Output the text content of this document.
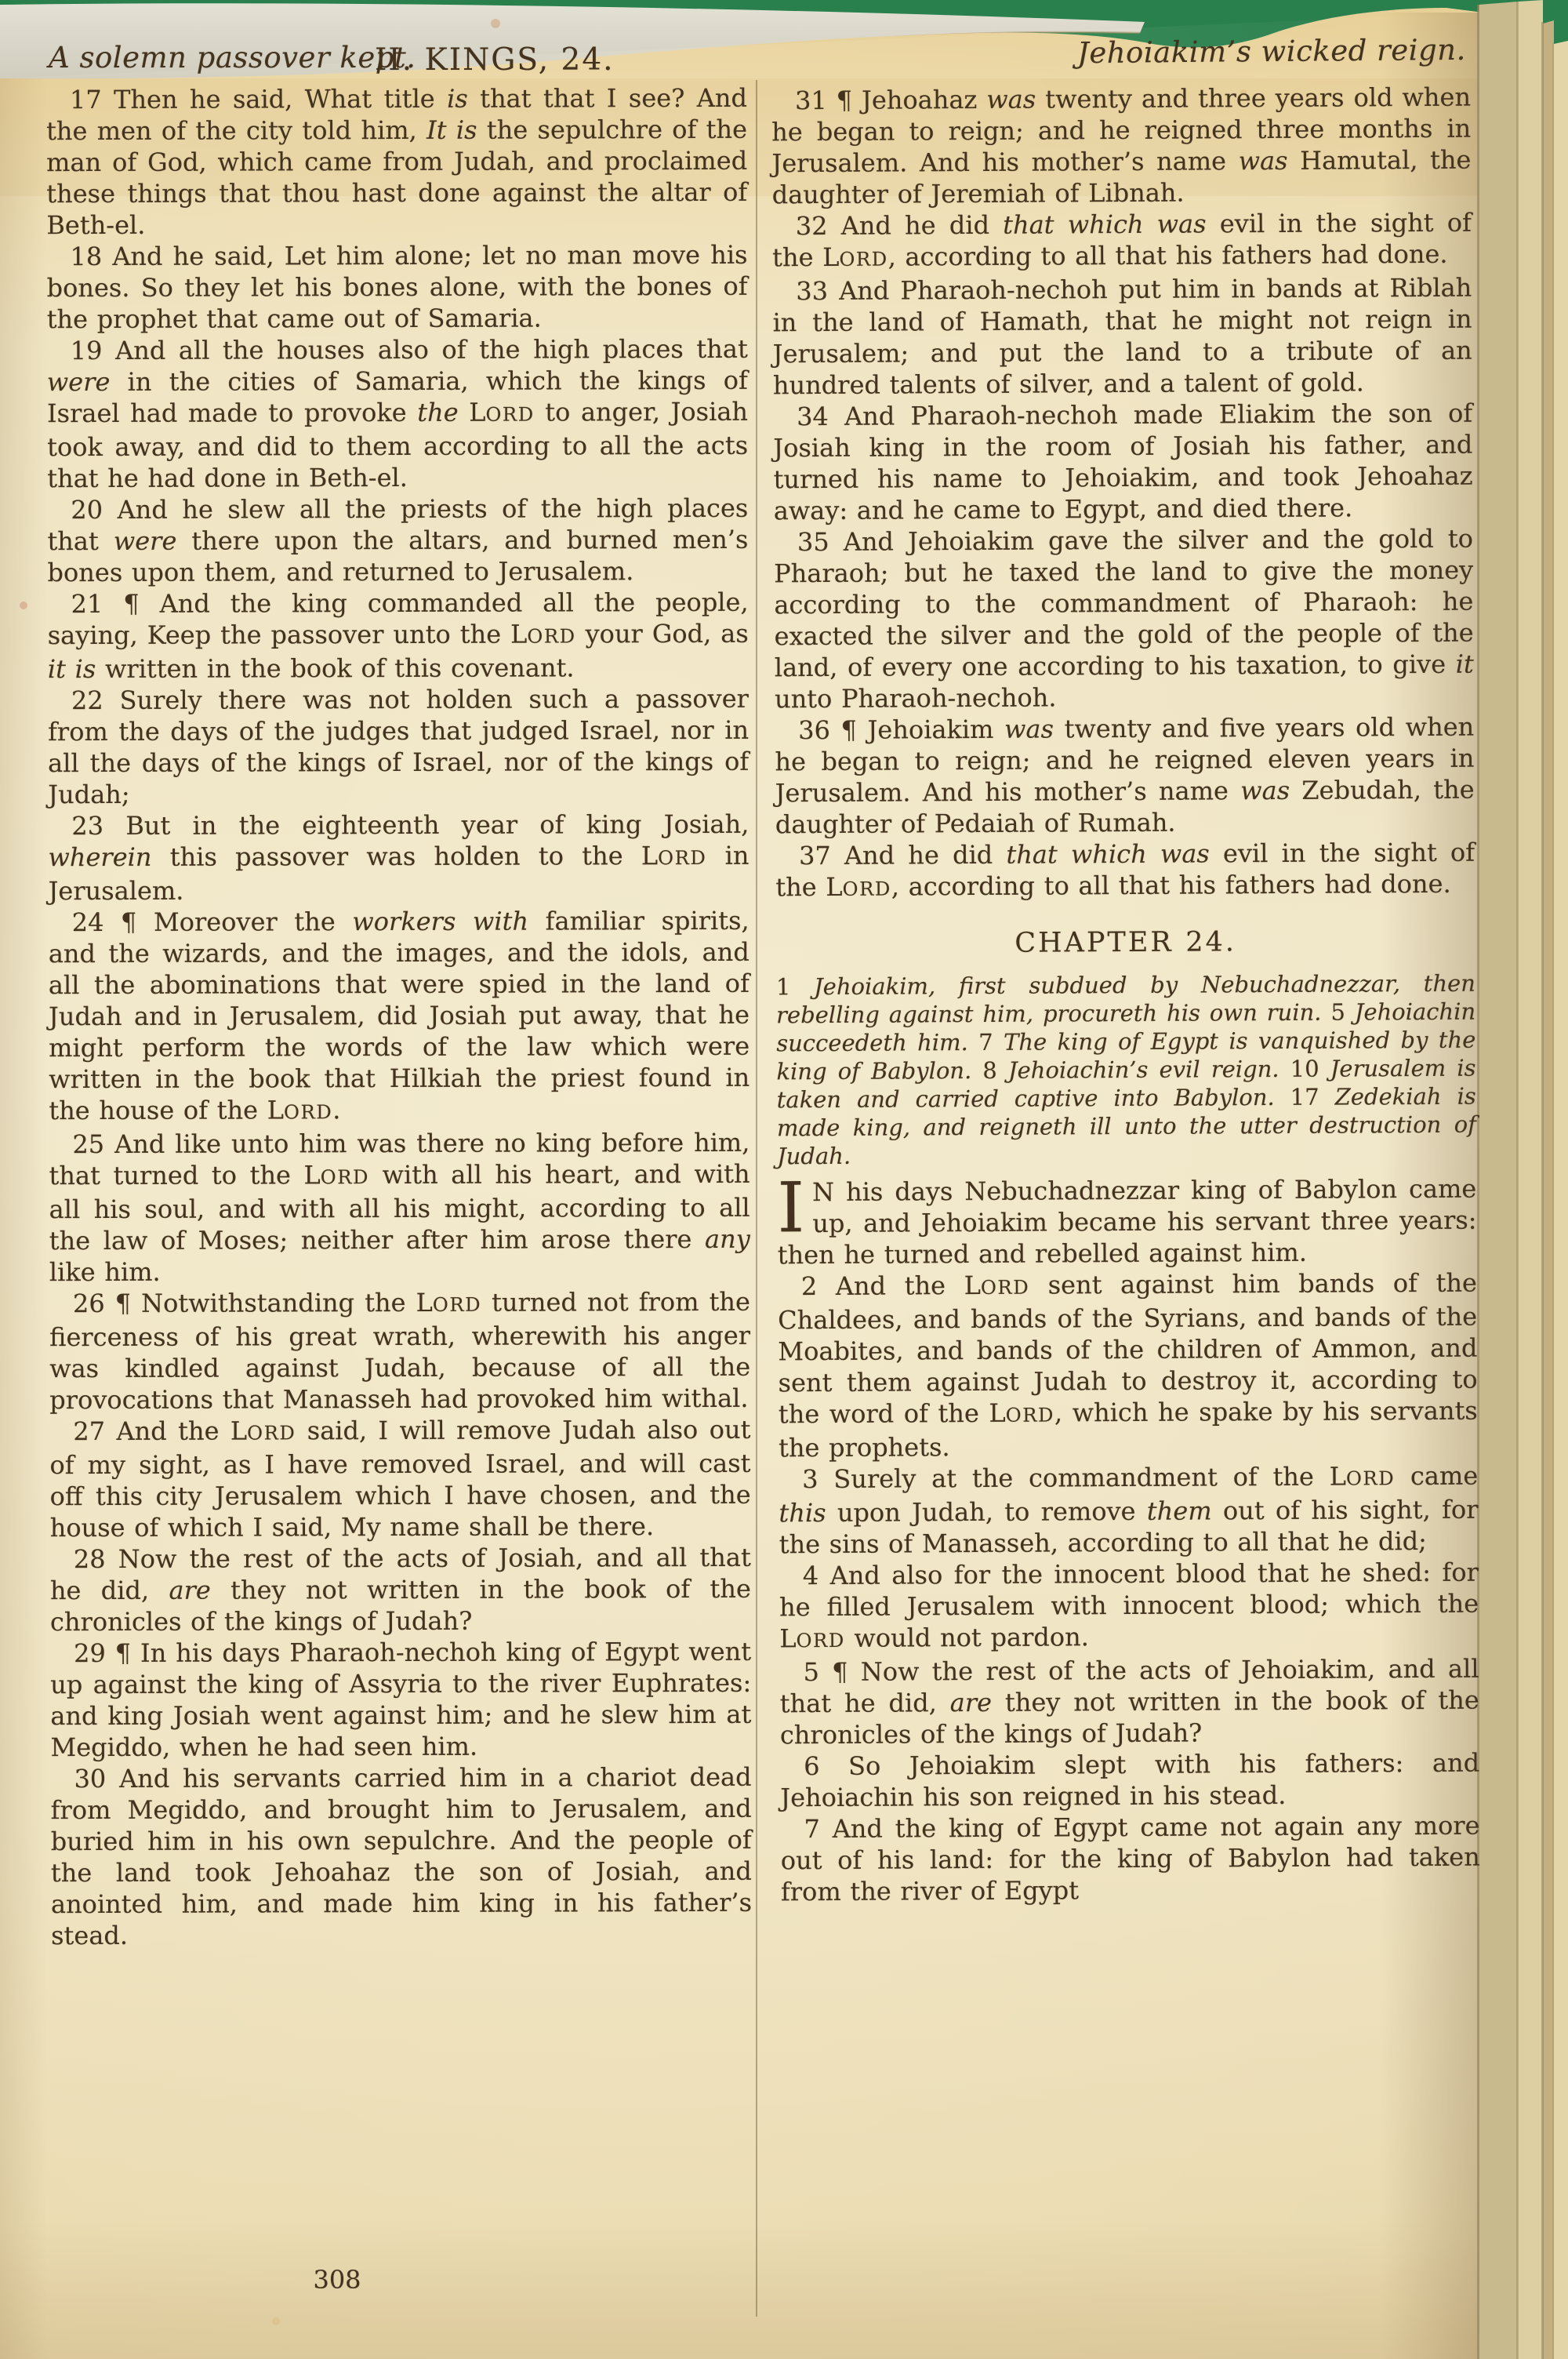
A solemn passover kept.
II. KINGS, 24.	Jehoiakim’s wicked reign.

17 Then he said, What title is that that I see? And the men of the city told him, It is the sepulchre of the man of God, which came from Judah, and proclaimed these things that thou hast done against the altar of Beth-el.

18 And he said, Let him alone; let no man move his bones. So they let his bones alone, with the bones of the prophet that came out of Samaria.

19 And all the houses also of the high places that were in the cities of Samaria, which the kings of Israel had made to provoke the LORD to anger, Josiah took away, and did to them according to all the acts that he had done in Beth-el.

20 And he slew all the priests of the high places that were there upon the altars, and burned men’s bones upon them, and returned to Jerusalem.

21 ¶ And the king commanded all the people, saying, Keep the passover unto the LORD your God, as it is written in the book of this covenant.

22 Surely there was not holden such a passover from the days of the judges that judged Israel, nor in all the days of the kings of Israel, nor of the kings of Judah;

23 But in the eighteenth year of king Josiah, wherein this passover was holden to the LORD in Jerusalem.

24 ¶ Moreover the workers with familiar spirits, and the wizards, and the images, and the idols, and all the abominations that were spied in the land of Judah and in Jerusalem, did Josiah put away, that he might perform the words of the law which were written in the book that Hilkiah the priest found in the house of the LORD.

25 And like unto him was there no king before him, that turned to the LORD with all his heart, and with all his soul, and with all his might, according to all the law of Moses; neither after him arose there any like him.

26 ¶ Notwithstanding the LORD turned not from the fierceness of his great wrath, wherewith his anger was kindled against Judah, because of all the provocations that Manasseh had provoked him withal.

27 And the LORD said, I will remove Judah also out of my sight, as I have removed Israel, and will cast off this city Jerusalem which I have chosen, and the house of which I said, My name shall be there.

28 Now the rest of the acts of Josiah, and all that he did, are they not written in the book of the chronicles of the kings of Judah?

29 ¶ In his days Pharaoh-nechoh king of Egypt went up against the king of Assyria to the river Euphrates: and king Josiah went against him; and he slew him at Megiddo, when he had seen him.

30 And his servants carried him in a chariot dead from Megiddo, and brought him to Jerusalem, and buried him in his own sepulchre. And the people of the land took Jehoahaz the son of Josiah, and anointed him, and made him king in his father’s stead.

31 ¶ Jehoahaz was twenty and three years old when he began to reign; and he reigned three months in Jerusalem. And his mother’s name was Hamutal, the daughter of Jeremiah of Libnah.

32 And he did that which was evil in the sight of the LORD, according to all that his fathers had done.

33 And Pharaoh-nechoh put him in bands at Riblah in the land of Hamath, that he might not reign in Jerusalem; and put the land to a tribute of an hundred talents of silver, and a talent of gold.

34 And Pharaoh-nechoh made Eliakim the son of Josiah king in the room of Josiah his father, and turned his name to Jehoiakim, and took Jehoahaz away: and he came to Egypt, and died there.

35 And Jehoiakim gave the silver and the gold to Pharaoh; but he taxed the land to give the money according to the commandment of Pharaoh: he exacted the silver and the gold of the people of the land, of every one according to his taxation, to give it unto Pharaoh-nechoh.

36 ¶ Jehoiakim was twenty and five years old when he began to reign; and he reigned eleven years in Jerusalem. And his mother’s name was Zebudah, the daughter of Pedaiah of Rumah.

37 And he did that which was evil in the sight of the LORD, according to all that his fathers had done.

CHAPTER 24.

1 Jehoiakim, first subdued by Nebuchadnezzar, then rebelling against him, procureth his own ruin. 5 Jehoiachin succeedeth him. 7 The king of Egypt is vanquished by the king of Babylon. 8 Jehoiachin’s evil reign. 10 Jerusalem is taken and carried captive into Babylon. 17 Zedekiah is made king, and reigneth ill unto the utter destruction of Judah.

I N his days Nebuchadnezzar king of Babylon came up, and Jehoiakim became his servant three years: then he turned and rebelled against him.

2 And the LORD sent against him bands of the Chaldees, and bands of the Syrians, and bands of the Moabites, and bands of the children of Ammon, and sent them against Judah to destroy it, according to the word of the LORD, which he spake by his servants the prophets.

3 Surely at the commandment of the LORD came this upon Judah, to remove them out of his sight, for the sins of Manasseh, according to all that he did;

4 And also for the innocent blood that he shed: for he filled Jerusalem with innocent blood; which the LORD would not pardon.

5 ¶ Now the rest of the acts of Jehoiakim, and all that he did, are they not written in the book of the chronicles of the kings of Judah?

6 So Jehoiakim slept with his fathers: and Jehoiachin his son reigned in his stead.

7 And the king of Egypt came not again any more out of his land: for the king of Babylon had taken from the river of Egypt

308
